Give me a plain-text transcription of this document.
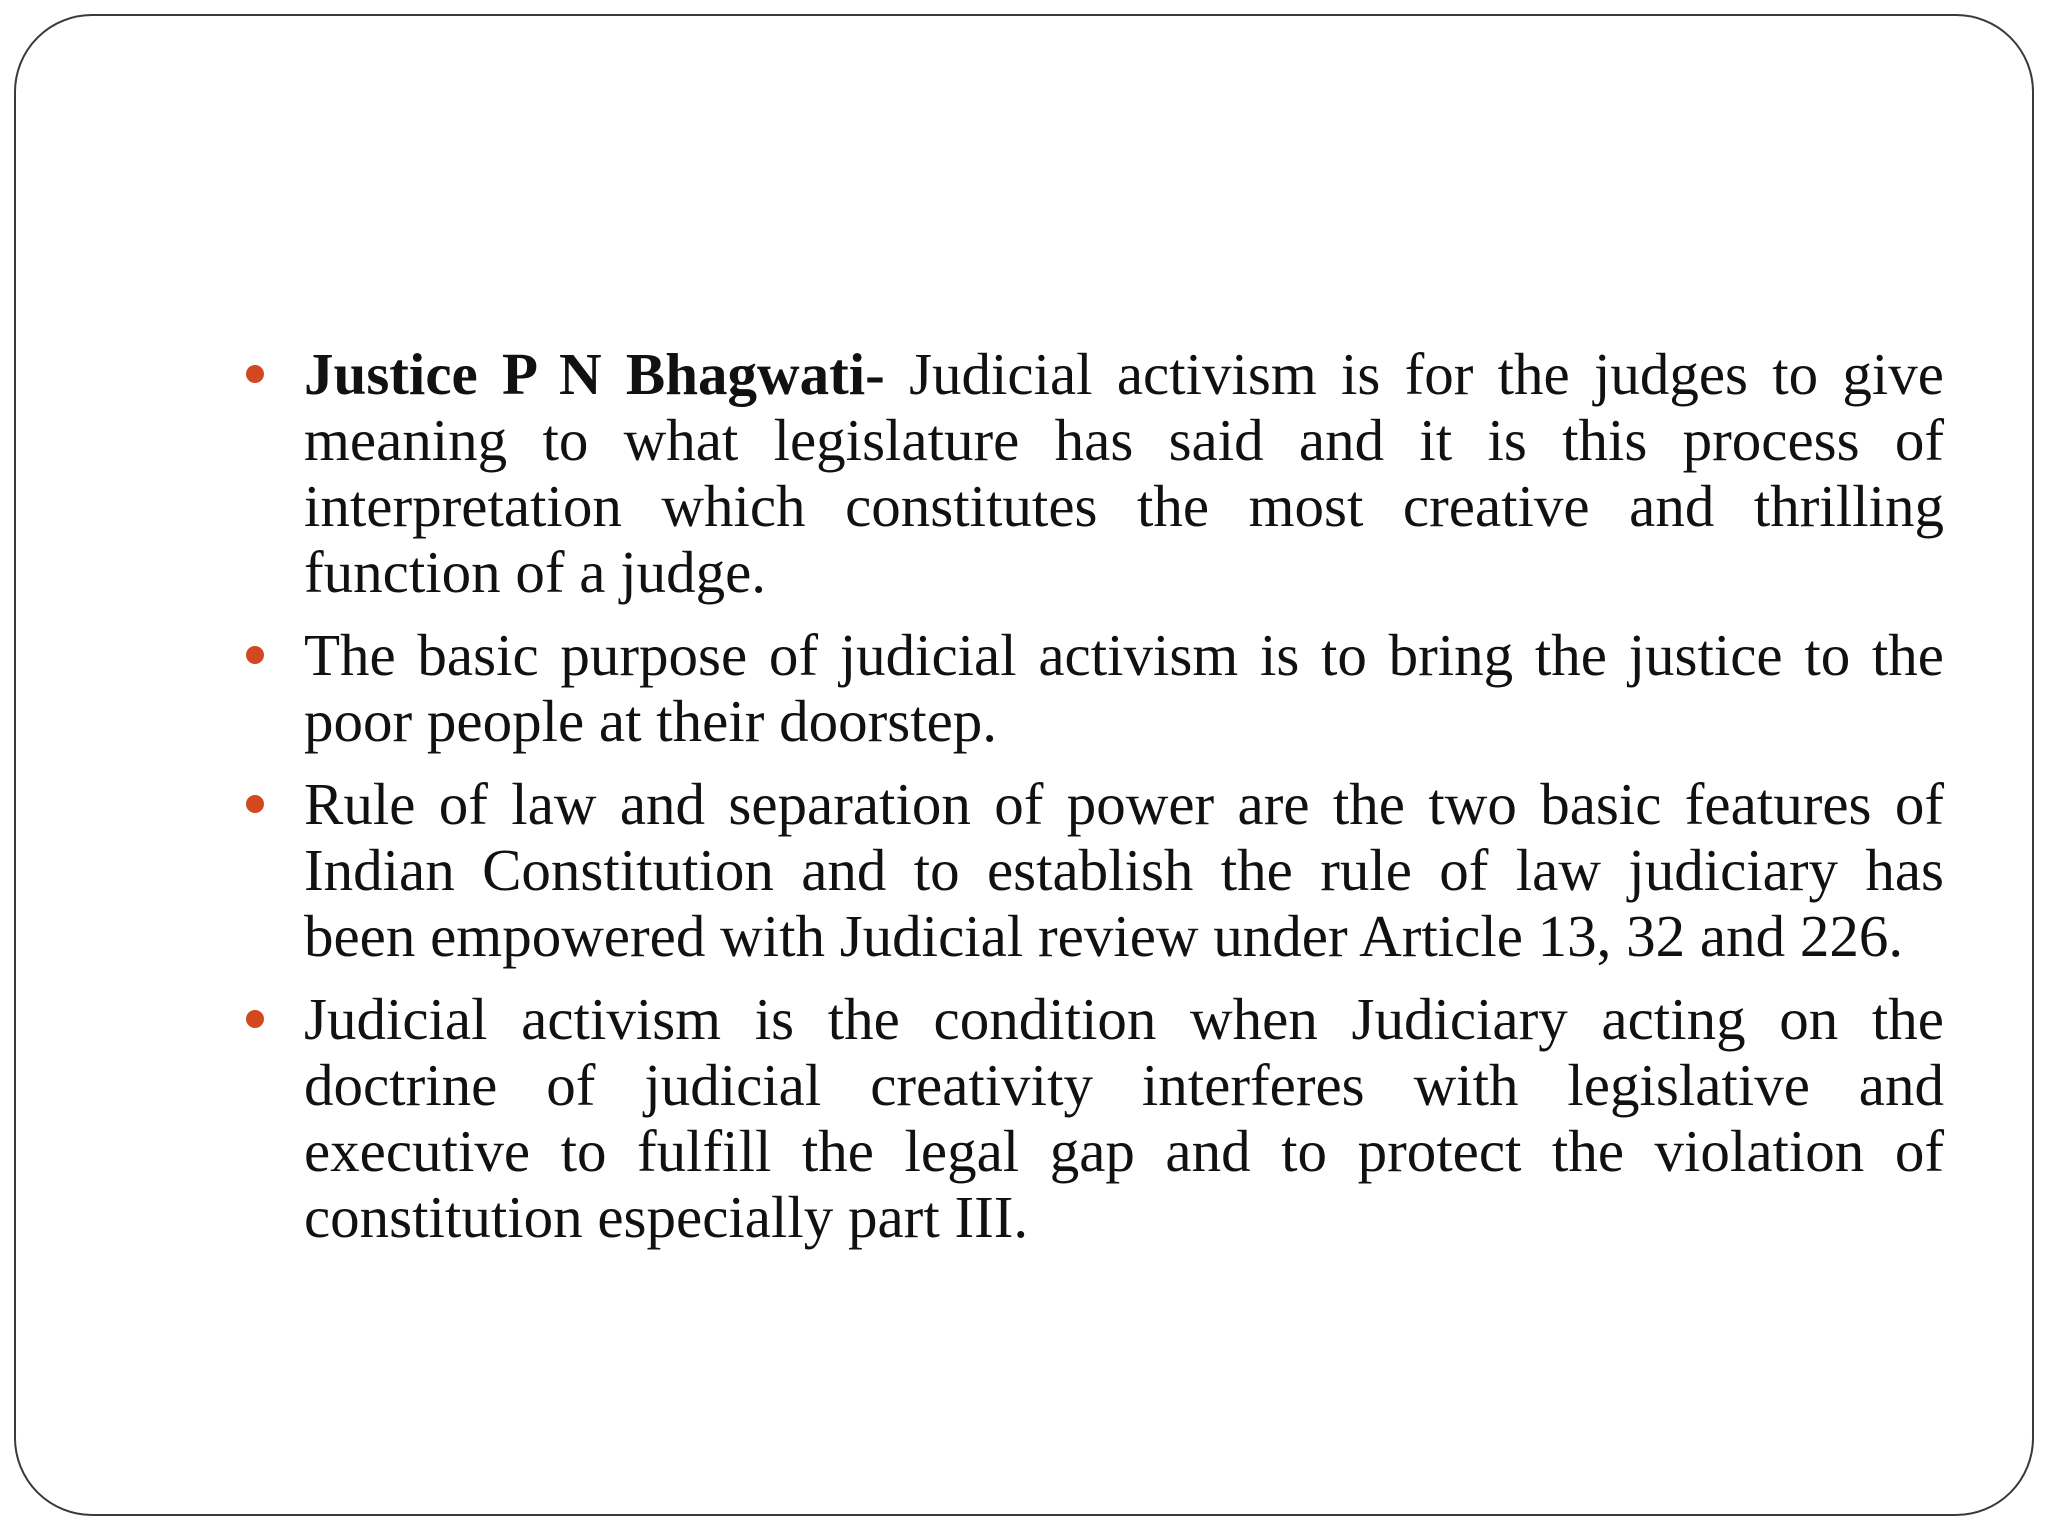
Justice P N Bhagwati- Judicial activism is for the judges to give meaning to what legislature has said and it is this process of interpretation which constitutes the most creative and thrilling function of a judge.
The basic purpose of judicial activism is to bring the justice to the poor people at their doorstep.
Rule of law and separation of power are the two basic features of Indian Constitution and to establish the rule of law judiciary has been empowered with Judicial review under Article 13, 32 and 226.
Judicial activism is the condition when Judiciary acting on the doctrine of judicial creativity interferes with legislative and executive to fulfill the legal gap and to protect the violation of constitution especially part III.
